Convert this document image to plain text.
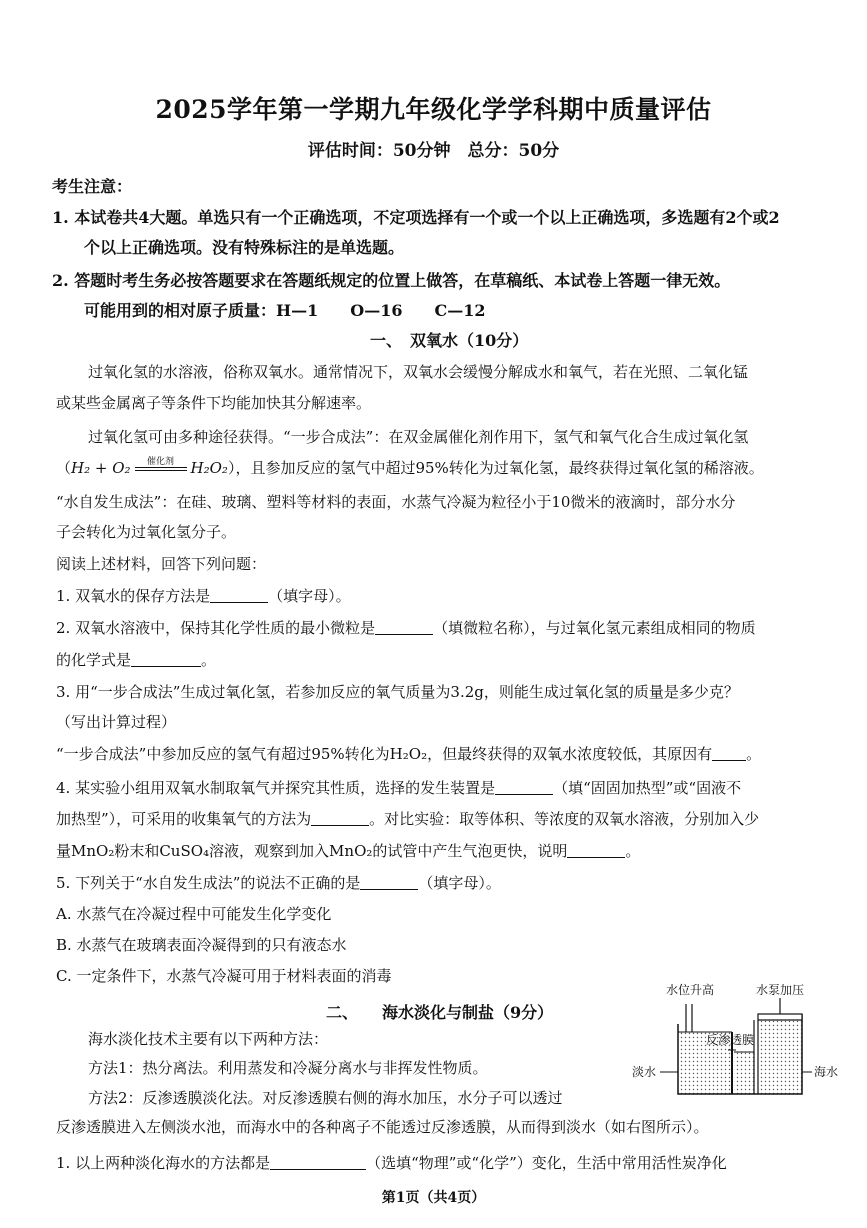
2025学年第一学期九年级化学学科期中质量评估
评估时间：50分钟　总分：50分
考生注意：
1. 本试卷共4大题。单选只有一个正确选项，不定项选择有一个或一个以上正确选项，多选题有2个或2
个以上正确选项。没有特殊标注的是单选题。
2. 答题时考生务必按答题要求在答题纸规定的位置上做答，在草稿纸、本试卷上答题一律无效。
可能用到的相对原子质量：H—1　　O—16　　C—12
一、　双氧水（10分）
过氧化氢的水溶液，俗称双氧水。通常情况下，双氧水会缓慢分解成水和氧气，若在光照、二氧化锰
或某些金属离子等条件下均能加快其分解速率。
过氧化氢可由多种途径获得。“一步合成法”：在双金属催化剂作用下，氢气和氧气化合生成过氧化氢
（H₂ + O₂	催化剂	H₂O₂），且参加反应的氢气中超过95%转化为过氧化氢，最终获得过氧化氢的稀溶液。
“水自发生成法”：在硅、玻璃、塑料等材料的表面，水蒸气冷凝为粒径小于10微米的液滴时，部分水分
子会转化为过氧化氢分子。
阅读上述材料，回答下列问题：
1. 双氧水的保存方法是	（填字母）。
2. 双氧水溶液中，保持其化学性质的最小微粒是	（填微粒名称），与过氧化氢元素组成相同的物质
的化学式是	。
3. 用“一步合成法”生成过氧化氢，若参加反应的氧气质量为3.2g，则能生成过氧化氢的质量是多少克？
（写出计算过程）
“一步合成法”中参加反应的氢气有超过95%转化为H₂O₂，但最终获得的双氧水浓度较低，其原因有 。
4. 某实验小组用双氧水制取氧气并探究其性质，选择的发生装置是	（填“固固加热型”或“固液不
加热型”），可采用的收集氧气的方法为	。对比实验：取等体积、等浓度的双氧水溶液，分别加入少
量MnO₂粉末和CuSO₄溶液，观察到加入MnO₂的试管中产生气泡更快，说明	。
5. 下列关于“水自发生成法”的说法不正确的是	（填字母）。
A. 水蒸气在冷凝过程中可能发生化学变化
B. 水蒸气在玻璃表面冷凝得到的只有液态水
C. 一定条件下，水蒸气冷凝可用于材料表面的消毒
二、　　海水淡化与制盐（9分）
海水淡化技术主要有以下两种方法：
方法1：热分离法。利用蒸发和冷凝分离水与非挥发性物质。
方法2：反渗透膜淡化法。对反渗透膜右侧的海水加压，水分子可以透过
反渗透膜进入左侧淡水池，而海水中的各种离子不能透过反渗透膜，从而得到淡水（如右图所示）。
1. 以上两种淡化海水的方法都是	（选填“物理”或“化学”）变化，生活中常用活性炭净化
水位升高	水泵加压
反渗透膜
淡水	海水
第1页（共4页）
